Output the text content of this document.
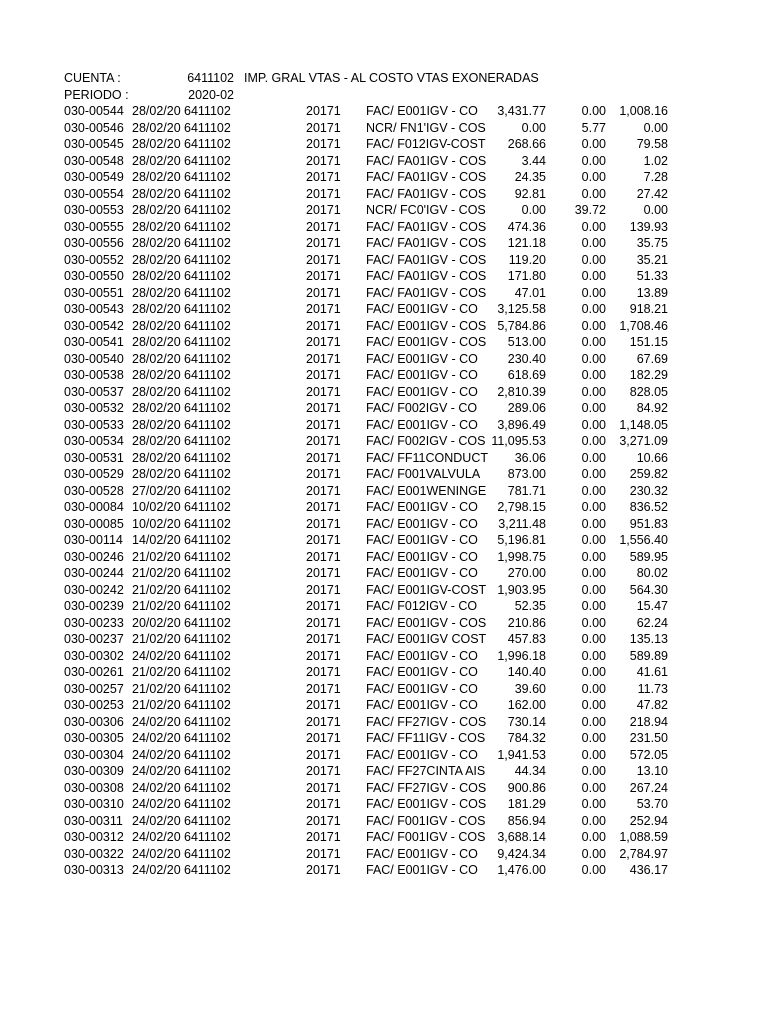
CUENTA :	6411102 IMP. GRAL VTAS - AL COSTO VTAS EXONERADAS
PERIODO :	2020-02
030-00544 28/02/20 6411102	20171	FAC/ E001IGV - CO	3,431.77	0.00	1,008.16
030-00546 28/02/20 6411102	20171	NCR/ FN1'IGV - COS	0.00	5.77	0.00
030-00545 28/02/20 6411102	20171	FAC/ F012IGV-COST	268.66	0.00	79.58
030-00548 28/02/20 6411102	20171	FAC/ FA01IGV - COS	3.44	0.00	1.02
030-00549 28/02/20 6411102	20171	FAC/ FA01IGV - COS	24.35	0.00	7.28
030-00554 28/02/20 6411102	20171	FAC/ FA01IGV - COS	92.81	0.00	27.42
030-00553 28/02/20 6411102	20171	NCR/ FC0'IGV - COS	0.00	39.72	0.00
030-00555 28/02/20 6411102	20171	FAC/ FA01IGV - COS	474.36	0.00	139.93
030-00556 28/02/20 6411102	20171	FAC/ FA01IGV - COS	121.18	0.00	35.75
030-00552 28/02/20 6411102	20171	FAC/ FA01IGV - COS	119.20	0.00	35.21
030-00550 28/02/20 6411102	20171	FAC/ FA01IGV - COS	171.80	0.00	51.33
030-00551 28/02/20 6411102	20171	FAC/ FA01IGV - COS	47.01	0.00	13.89
030-00543 28/02/20 6411102	20171	FAC/ E001IGV - CO	3,125.58	0.00	918.21
030-00542 28/02/20 6411102	20171	FAC/ E001IGV - COS 5,784.86	0.00	1,708.46
030-00541 28/02/20 6411102	20171	FAC/ E001IGV - COS	513.00	0.00	151.15
030-00540 28/02/20 6411102	20171	FAC/ E001IGV - CO	230.40	0.00	67.69
030-00538 28/02/20 6411102	20171	FAC/ E001IGV - CO	618.69	0.00	182.29
030-00537 28/02/20 6411102	20171	FAC/ E001IGV - CO	2,810.39	0.00	828.05
030-00532 28/02/20 6411102	20171	FAC/ F002IGV - CO	289.06	0.00	84.92
030-00533 28/02/20 6411102	20171	FAC/ E001IGV - CO	3,896.49	0.00	1,148.05
030-00534 28/02/20 6411102	20171	FAC/ F002IGV - COS 11,095.53	0.00	3,271.09
030-00531 28/02/20 6411102	20171	FAC/ FF11CONDUCT	36.06	0.00	10.66
030-00529 28/02/20 6411102	20171	FAC/ F001VALVULA	873.00	0.00	259.82
030-00528 27/02/20 6411102	20171	FAC/ E001WENINGE	781.71	0.00	230.32
030-00084 10/02/20 6411102	20171	FAC/ E001IGV - CO	2,798.15	0.00	836.52
030-00085 10/02/20 6411102	20171	FAC/ E001IGV - CO	3,211.48	0.00	951.83
030-00114 14/02/20 6411102	20171	FAC/ E001IGV - CO	5,196.81	0.00	1,556.40
030-00246 21/02/20 6411102	20171	FAC/ E001IGV - CO	1,998.75	0.00	589.95
030-00244 21/02/20 6411102	20171	FAC/ E001IGV - CO	270.00	0.00	80.02
030-00242 21/02/20 6411102	20171	FAC/ E001IGV-COST 1,903.95	0.00	564.30
030-00239 21/02/20 6411102	20171	FAC/ F012IGV - CO	52.35	0.00	15.47
030-00233 20/02/20 6411102	20171	FAC/ E001IGV - COS	210.86	0.00	62.24
030-00237 21/02/20 6411102	20171	FAC/ E001IGV COST	457.83	0.00	135.13
030-00302 24/02/20 6411102	20171	FAC/ E001IGV - CO	1,996.18	0.00	589.89
030-00261 21/02/20 6411102	20171	FAC/ E001IGV - CO	140.40	0.00	41.61
030-00257 21/02/20 6411102	20171	FAC/ E001IGV - CO	39.60	0.00	11.73
030-00253 21/02/20 6411102	20171	FAC/ E001IGV - CO	162.00	0.00	47.82
030-00306 24/02/20 6411102	20171	FAC/ FF27IGV - COS	730.14	0.00	218.94
030-00305 24/02/20 6411102	20171	FAC/ FF11IGV - COS	784.32	0.00	231.50
030-00304 24/02/20 6411102	20171	FAC/ E001IGV - CO	1,941.53	0.00	572.05
030-00309 24/02/20 6411102	20171	FAC/ FF27CINTA AIS	44.34	0.00	13.10
030-00308 24/02/20 6411102	20171	FAC/ FF27IGV - COS	900.86	0.00	267.24
030-00310 24/02/20 6411102	20171	FAC/ E001IGV - COS	181.29	0.00	53.70
030-00311 24/02/20 6411102	20171	FAC/ F001IGV - COS	856.94	0.00	252.94
030-00312 24/02/20 6411102	20171	FAC/ F001IGV - COS 3,688.14	0.00	1,088.59
030-00322 24/02/20 6411102	20171	FAC/ E001IGV - CO	9,424.34	0.00	2,784.97
030-00313 24/02/20 6411102	20171	FAC/ E001IGV - CO	1,476.00	0.00	436.17
